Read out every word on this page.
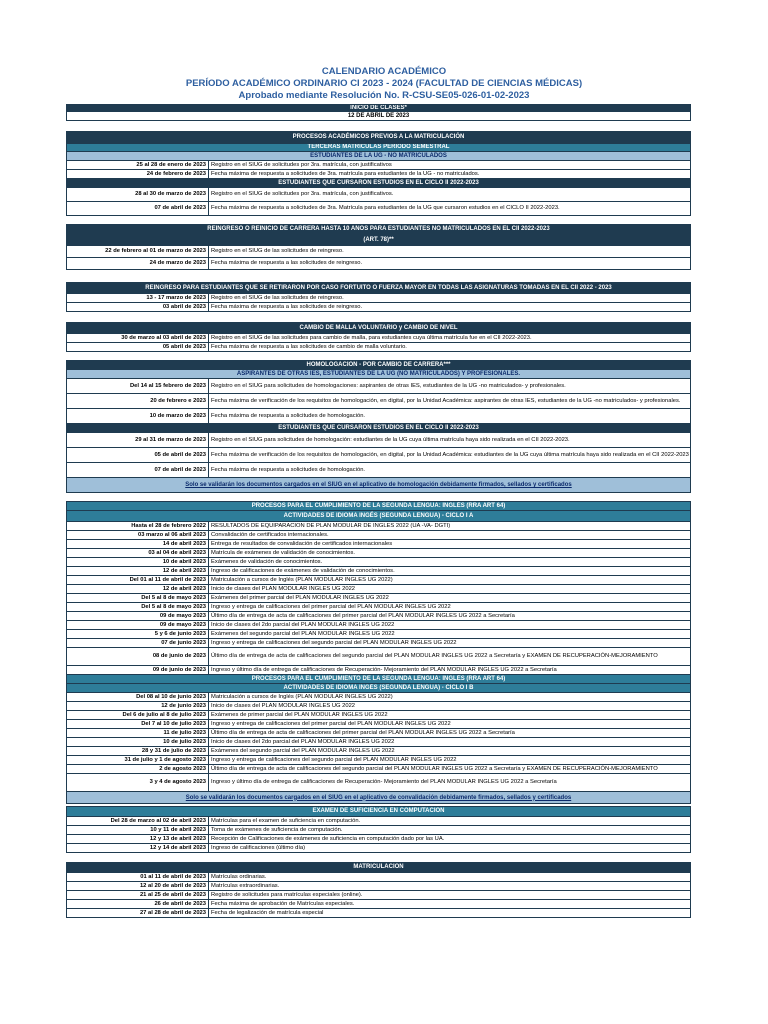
CALENDARIO ACADÉMICO
PERÍODO ACADÉMICO ORDINARIO CI 2023 - 2024 (FACULTAD DE CIENCIAS MÉDICAS)
Aprobado mediante Resolución No. R-CSU-SE05-026-01-02-2023
INICIO DE CLASES*
12 DE ABRIL DE 2023
PROCESOS ACADÉMICOS PREVIOS A LA MATRICULACIÓN
TERCERAS MATRÍCULAS PERÍODO SEMESTRAL
ESTUDIANTES DE LA UG - NO MATRICULADOS
25 al 28 de enero de 2023 Registro en el SIUG de solicitudes por 3ra. matrícula, con justificativos
24 de febrero de 2023 Fecha máxima de respuesta a solicitudes de 3ra. matrícula para estudiantes de la UG - no matriculados.
ESTUDIANTES QUE CURSARON ESTUDIOS EN EL CICLO II 2022-2023
28 al 30 de marzo de 2023 Registro en el SIUG de solicitudes por 3ra. matrícula, con justificativos.
07 de abril de 2023 Fecha máxima de respuesta a solicitudes de 3ra. Matrícula para estudiantes de la UG que cursaron estudios en el CICLO II 2022-2023.
REINGRESO O REINICIO DE CARRERA HASTA 10 AÑOS PARA ESTUDIANTES NO MATRICULADOS EN EL CII 2022-2023
(ART. 78)**
22 de febrero al 01 de marzo de 2023 Registro en el SIUG de las solicitudes de reingreso.
24 de marzo de 2023 Fecha máxima de respuesta a las solicitudes de reingreso.
REINGRESO PARA ESTUDIANTES QUE SE RETIRARON POR CASO FORTUITO O FUERZA MAYOR EN TODAS LAS ASIGNATURAS TOMADAS EN EL CII 2022 - 2023
13 - 17 marzo de 2023 Registro en el SIUG de las solicitudes de reingreso.
03 abril de 2023 Fecha máxima de respuesta a las solicitudes de reingreso.
CAMBIO DE MALLA VOLUNTARIO y CAMBIO DE NIVEL
30 de marzo al 03 abril de 2023 Registro en el SIUG de las solicitudes para cambio de malla, para estudiantes cuya última matrícula fue en el CII 2022-2023.
05 abril de 2023 Fecha máxima de respuesta a las solicitudes de cambio de malla voluntario.
HOMOLOGACIÓN - POR CAMBIO DE CARRERA***
ASPIRANTES DE OTRAS IES, ESTUDIANTES DE LA UG (NO MATRICULADOS) Y PROFESIONALES.
Del 14 al 15 febrero de 2023 Registro en el SIUG para solicitudes de homologaciones: aspirantes de otras IES, estudiantes de la UG -no matriculados- y profesionales.
20 de febrero e 2023 Fecha máxima de verificación de los requisitos de homologación, en digital, por la Unidad Académica: aspirantes de otras IES, estudiantes de la UG -no matriculados- y profesionales.
10 de marzo de 2023 Fecha máxima de respuesta a solicitudes de homologación.
ESTUDIANTES QUE CURSARON ESTUDIOS EN EL CICLO II 2022-2023
29 al 31 de marzo de 2023 Registro en el SIUG para solicitudes de homologación: estudiantes de la UG cuya última matrícula haya sido realizada en el CII 2022-2023.
05 de abril de 2023 Fecha máxima de verificación de los requisitos de homologación, en digital, por la Unidad Académica: estudiantes de la UG cuya última matrícula haya sido realizada en el CII 2022-2023
07 de abril de 2023 Fecha máxima de respuesta a solicitudes de homologación.
Solo se validarán los documentos cargados en el SIUG en el aplicativo de homologación debidamente firmados, sellados y certificados
PROCESOS PARA EL CUMPLIMIENTO DE LA SEGUNDA LENGUA: INGLÉS (RRA ART 64)
ACTIVIDADES DE IDIOMA INGÉS (SEGUNDA LENGUA) - CICLO I A
Hasta el 28 de febrero 2022 RESULTADOS DE EQUIPARACION DE PLAN MODULAR DE INGLES 2022 (UA -VA- DGTI)
03 marzo al 06 abril 2023 Convalidación de certificados internacionales.
14 de abril 2023 Entrega de resultados de convalidación de certificados internacionales
03 al 04 de abril 2023 Matrícula de exámenes de validación de conocimientos.
10 de abril 2023 Exámenes de validación de conocimientos.
12 de abril 2023 Ingreso de calificaciones de exámenes de validación de conocimientos.
Del 01 al 11 de abril de 2023 Matriculación a cursos de Inglés (PLAN MODULAR INGLES UG 2022)
12 de abril 2023 Inicio de clases del PLAN MODULAR INGLES UG 2022
Del 5 al 8 de mayo 2023 Exámenes del primer parcial del PLAN MODULAR INGLES UG 2022
Del 5 al 8 de mayo 2023 Ingreso y entrega de calificaciones del primer parcial del PLAN MODULAR INGLES UG 2022
09 de mayo 2023 Último día de entrega de acta de calificaciones del primer parcial del PLAN MODULAR INGLES UG 2022 a Secretaría
09 de mayo 2023 Inicio de clases del 2do parcial del PLAN MODULAR INGLES UG 2022
5 y 6 de junio 2023 Exámenes del segundo parcial del PLAN MODULAR INGLES UG 2022
07 de junio 2023 Ingreso y entrega de calificaciones del segundo parcial del PLAN MODULAR INGLES UG 2022
08 de junio de 2023 Último día de entrega de acta de calificaciones del segundo parcial del PLAN MODULAR INGLES UG 2022 a Secretaría y EXAMEN DE RECUPERACIÓN-MEJORAMIENTO
09 de junio de 2023 Ingreso y último día de entrega de calificaciones de Recuperación- Mejoramiento del PLAN MODULAR INGLES UG 2022 a Secretaría
PROCESOS PARA EL CUMPLIMIENTO DE LA SEGUNDA LENGUA: INGLÉS (RRA ART 64)
ACTIVIDADES DE IDIOMA INGÉS (SEGUNDA LENGUA) - CICLO I B
Del 08 al 10 de junio 2023 Matriculación a cursos de Inglés (PLAN MODULAR INGLES UG 2022)
12 de junio 2023 Inicio de clases del PLAN MODULAR INGLES UG 2022
Del 6 de julio al 8 de julio 2023 Exámenes de primer parcial del PLAN MODULAR INGLES UG 2022
Del 7 al 10 de julio 2023 Ingreso y entrega de calificaciones del primer parcial del PLAN MODULAR INGLES UG 2022
11 de julio 2023 Último día de entrega de acta de calificaciones del primer parcial del PLAN MODULAR INGLES UG 2022 a Secretaría
10 de julio 2023 Inicio de clases del 2do parcial del PLAN MODULAR INGLES UG 2022
28 y 31 de julio de 2023 Exámenes del segundo parcial del PLAN MODULAR INGLES UG 2022
31 de julio y 1 de agosto 2023 Ingreso y entrega de calificaciones del segundo parcial del PLAN MODULAR INGLES UG 2022
2 de agosto 2023 Último día de entrega de acta de calificaciones del segundo parcial del PLAN MODULAR INGLES UG 2022 a Secretaría y EXAMEN DE RECUPERACIÓN-MEJORAMIENTO
3 y 4 de agosto 2023 Ingreso y último día de entrega de calificaciones de Recuperación- Mejoramiento del PLAN MODULAR INGLES UG 2022 a Secretaría
Solo se validarán los documentos cargados en el SIUG en el aplicativo de convalidación debidamente firmados, sellados y certificados
EXAMEN DE SUFICIENCIA EN COMPUTACIÓN
Del 28 de marzo al 02 de abril 2023 Matrículas para el examen de suficiencia en computación.
10 y 11 de abril 2023 Toma de exámenes de suficiencia de computación.
12 y 13 de abril 2023 Recepción de Calificaciones de exámenes de suficiencia en computación dado por las UA.
12 y 14 de abril 2023 Ingreso de calificaciones (último día)
MATRICULACIÓN
01 al 11 de abril de 2023 Matrículas ordinarias.
12 al 20 de abril de 2023 Matrículas extraordinarias.
21 al 25 de abril de 2023 Registro de solicitudes para matrículas especiales (online).
26 de abril de 2023 Fecha máxima de aprobación de Matrículas especiales.
27 al 28 de abril de 2023 Fecha de legalización de matrícula especial
